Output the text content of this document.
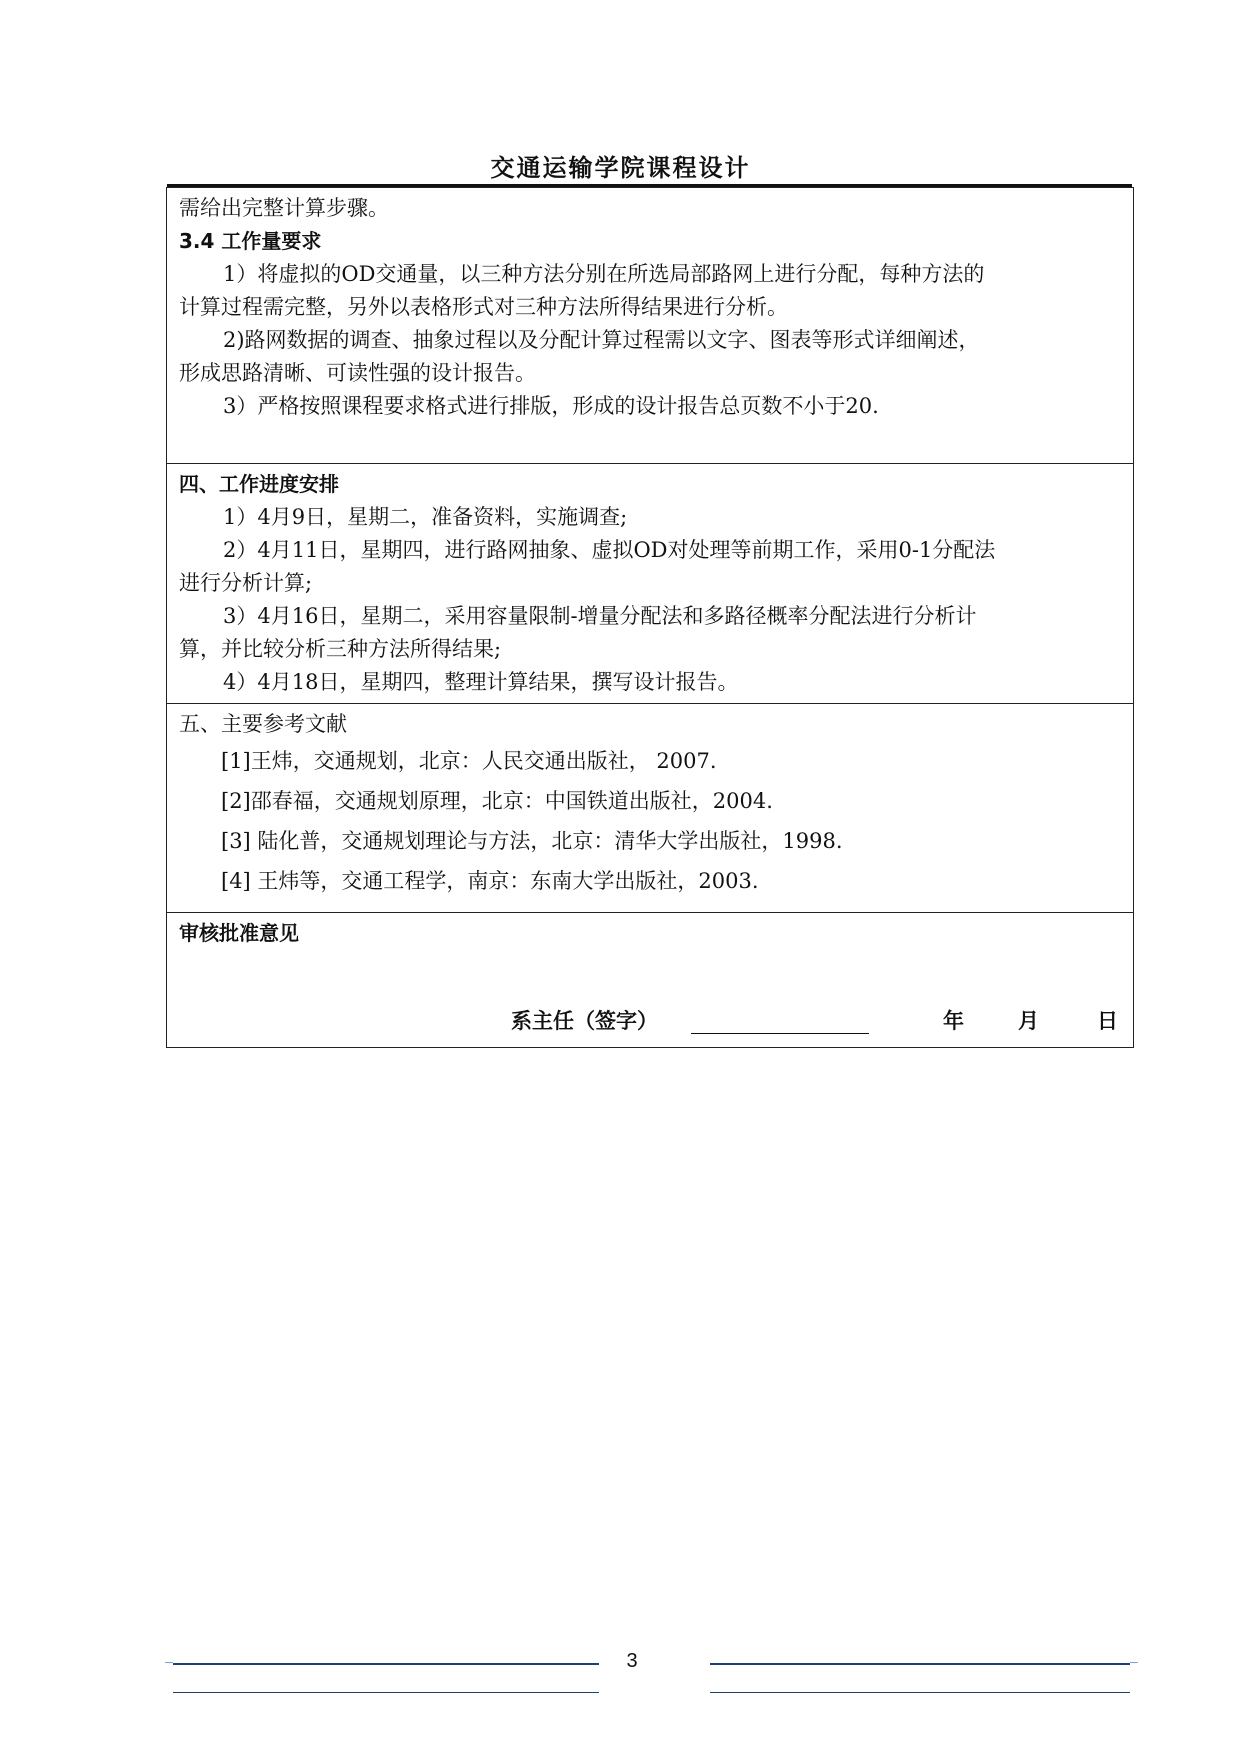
交通运输学院课程设计
需给出完整计算步骤。
3.4 工作量要求
1）将虚拟的OD交通量，以三种方法分别在所选局部路网上进行分配，每种方法的
计算过程需完整，另外以表格形式对三种方法所得结果进行分析。
2)路网数据的调查、抽象过程以及分配计算过程需以文字、图表等形式详细阐述，
形成思路清晰、可读性强的设计报告。
3）严格按照课程要求格式进行排版，形成的设计报告总页数不小于20.

四、工作进度安排
1）4月9日，星期二，准备资料，实施调查;
2）4月11日，星期四，进行路网抽象、虚拟OD对处理等前期工作，采用0-1分配法
进行分析计算;
3）4月16日，星期二，采用容量限制-增量分配法和多路径概率分配法进行分析计
算，并比较分析三种方法所得结果;
4）4月18日，星期四，整理计算结果，撰写设计报告。

五、主要参考文献
[1]王炜，交通规划，北京：人民交通出版社， 2007.
[2]邵春福，交通规划原理，北京：中国铁道出版社，2004.
[3] 陆化普，交通规划理论与方法，北京：清华大学出版社，1998.
[4] 王炜等，交通工程学，南京：东南大学出版社，2003.

审核批准意见
系主任（签字）	年	月	日
3
